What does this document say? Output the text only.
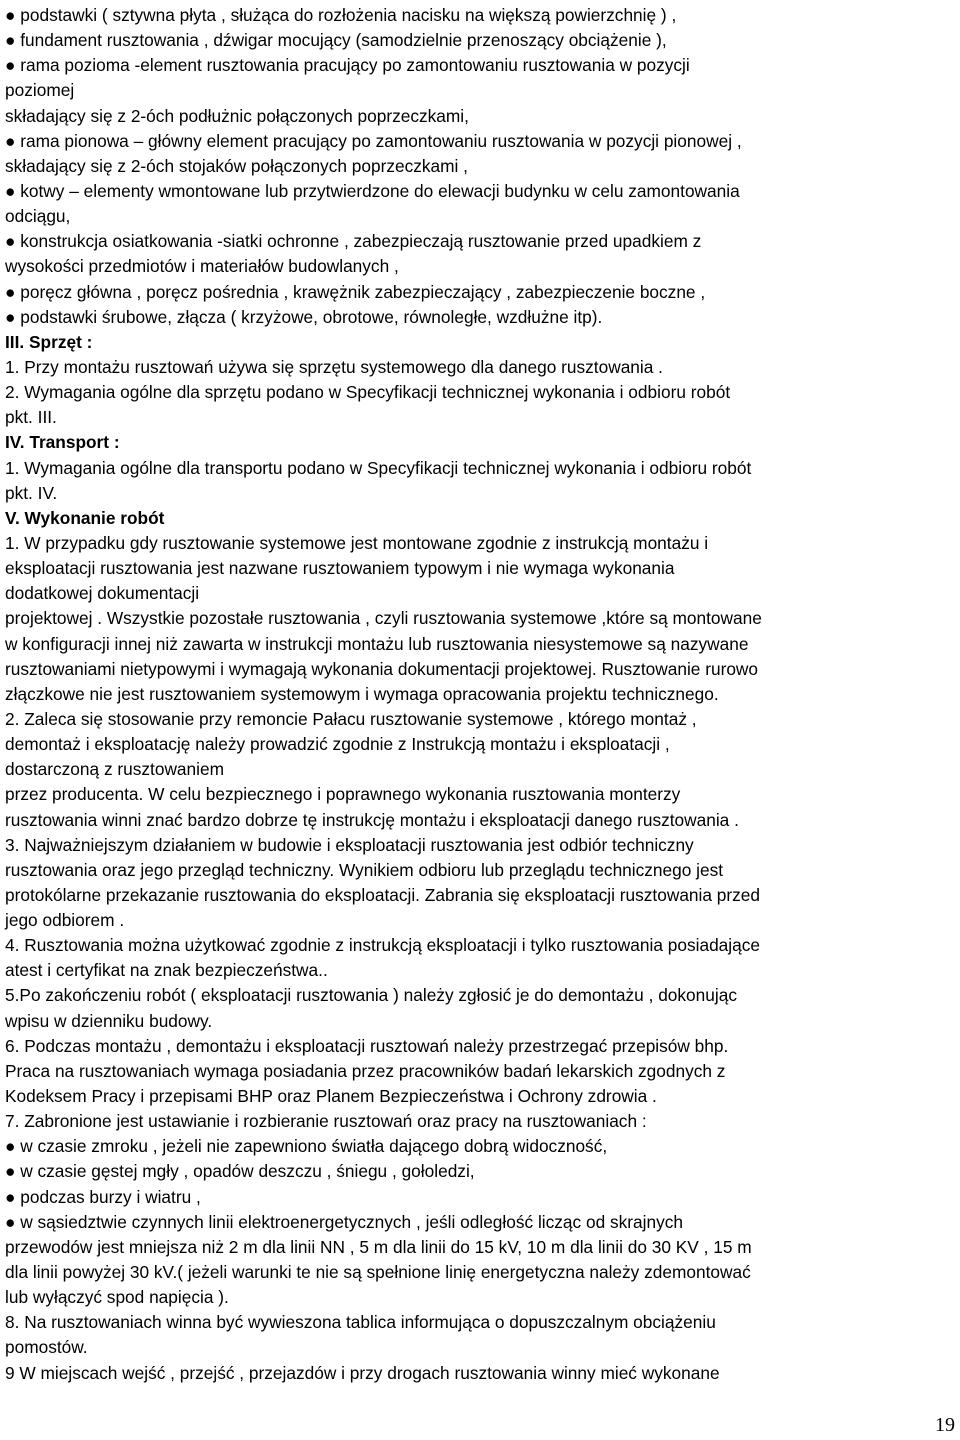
● podstawki ( sztywna płyta , służąca do rozłożenia nacisku na większą powierzchnię ) ,
● fundament rusztowania , dźwigar mocujący (samodzielnie przenoszący obciążenie ),
● rama pozioma -element rusztowania pracujący po zamontowaniu rusztowania w pozycji
poziomej
składający się z 2-óch podłużnic połączonych poprzeczkami,
● rama pionowa – główny element pracujący po zamontowaniu rusztowania w pozycji pionowej ,
składający się z 2-óch stojaków połączonych poprzeczkami ,
● kotwy – elementy wmontowane lub przytwierdzone do elewacji budynku w celu zamontowania
odciągu,
● konstrukcja osiatkowania -siatki ochronne , zabezpieczają rusztowanie przed upadkiem z
wysokości przedmiotów i materiałów budowlanych ,
● poręcz główna , poręcz pośrednia , krawężnik zabezpieczający , zabezpieczenie boczne ,
● podstawki śrubowe, złącza ( krzyżowe, obrotowe, równoległe, wzdłużne itp).
III. Sprzęt :
1. Przy montażu rusztowań używa się sprzętu systemowego dla danego rusztowania .
2. Wymagania ogólne dla sprzętu podano w Specyfikacji technicznej wykonania i odbioru robót
pkt. III.
IV. Transport :
1. Wymagania ogólne dla transportu podano w Specyfikacji technicznej wykonania i odbioru robót
pkt. IV.
V. Wykonanie robót
1. W przypadku gdy rusztowanie systemowe jest montowane zgodnie z instrukcją montażu i
eksploatacji rusztowania jest nazwane rusztowaniem typowym i nie wymaga wykonania
dodatkowej dokumentacji
projektowej . Wszystkie pozostałe rusztowania , czyli rusztowania systemowe ,które są montowane
w konfiguracji innej niż zawarta w instrukcji montażu lub rusztowania niesystemowe są nazywane
rusztowaniami nietypowymi i wymagają wykonania dokumentacji projektowej. Rusztowanie rurowo
złączkowe nie jest rusztowaniem systemowym i wymaga opracowania projektu technicznego.
2. Zaleca się stosowanie przy remoncie Pałacu rusztowanie systemowe , którego montaż ,
demontaż i eksploatację należy prowadzić zgodnie z Instrukcją montażu i eksploatacji ,
dostarczoną z rusztowaniem
przez producenta. W celu bezpiecznego i poprawnego wykonania rusztowania monterzy
rusztowania winni znać bardzo dobrze tę instrukcję montażu i eksploatacji danego rusztowania .
3. Najważniejszym działaniem w budowie i eksploatacji rusztowania jest odbiór techniczny
rusztowania oraz jego przegląd techniczny. Wynikiem odbioru lub przeglądu technicznego jest
protokólarne przekazanie rusztowania do eksploatacji. Zabrania się eksploatacji rusztowania przed
jego odbiorem .
4. Rusztowania można użytkować zgodnie z instrukcją eksploatacji i tylko rusztowania posiadające
atest i certyfikat na znak bezpieczeństwa..
5.Po zakończeniu robót ( eksploatacji rusztowania ) należy zgłosić je do demontażu , dokonując
wpisu w dzienniku budowy.
6. Podczas montażu , demontażu i eksploatacji rusztowań należy przestrzegać przepisów bhp.
Praca na rusztowaniach wymaga posiadania przez pracowników badań lekarskich zgodnych z
Kodeksem Pracy i przepisami BHP oraz Planem Bezpieczeństwa i Ochrony zdrowia .
7. Zabronione jest ustawianie i rozbieranie rusztowań oraz pracy na rusztowaniach :
● w czasie zmroku , jeżeli nie zapewniono światła dającego dobrą widoczność,
● w czasie gęstej mgły , opadów deszczu , śniegu , gołoledzi,
● podczas burzy i wiatru ,
● w sąsiedztwie czynnych linii elektroenergetycznych , jeśli odległość licząc od skrajnych
przewodów jest mniejsza niż 2 m dla linii NN , 5 m dla linii do 15 kV, 10 m dla linii do 30 KV , 15 m
dla linii powyżej 30 kV.( jeżeli warunki te nie są spełnione linię energetyczna należy zdemontować
lub wyłączyć spod napięcia ).
8. Na rusztowaniach winna być wywieszona tablica informująca o dopuszczalnym obciążeniu
pomostów.
9 W miejscach wejść , przejść , przejazdów i przy drogach rusztowania winny mieć wykonane
19
